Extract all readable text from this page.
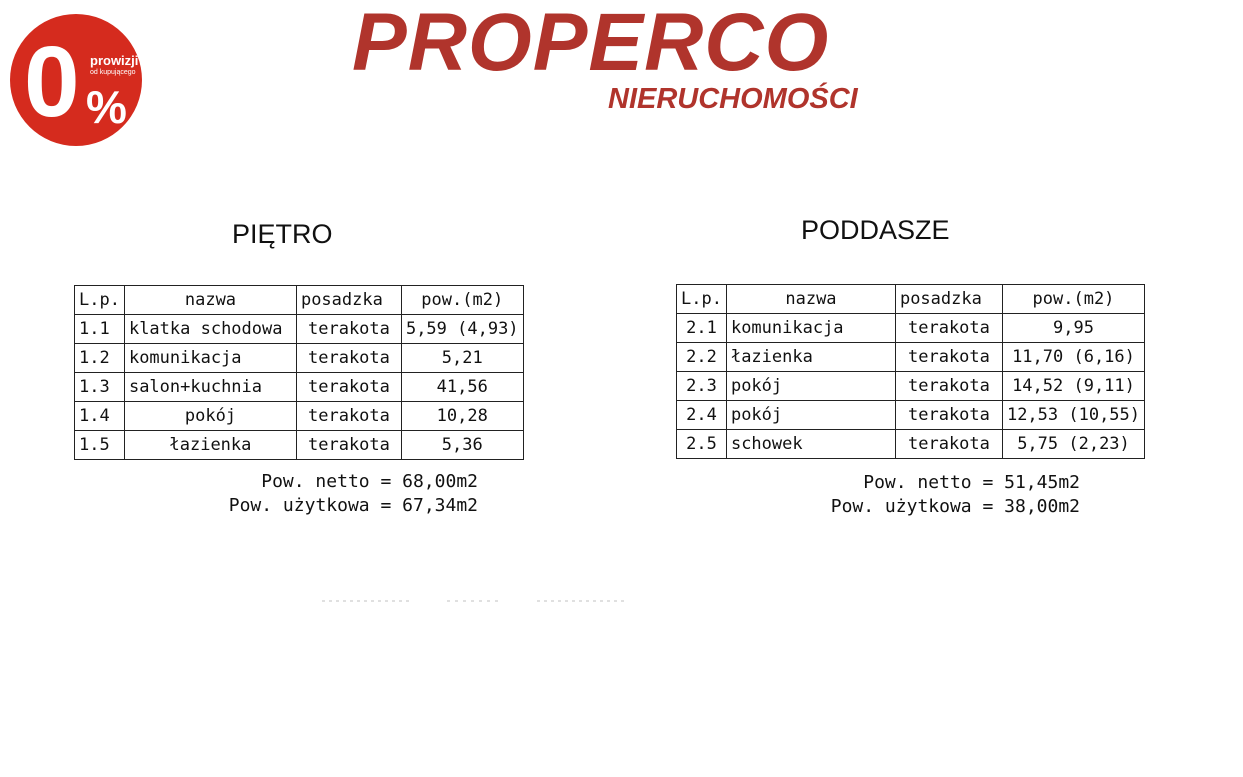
0 prowizji
od kupującego
%
PROPERCO
NIERUCHOMOŚCI
PIĘTRO	PODDASZE
L.p.	nazwa	posadzka	pow.(m2)
1.1	klatka schodowa	terakota	5,59 (4,93)
1.2	komunikacja	terakota	5,21
1.3	salon+kuchnia	terakota	41,56
1.4	pokój	terakota	10,28
1.5	łazienka	terakota	5,36
Pow. netto = 68,00m2
Pow. użytkowa = 67,34m2
L.p.	nazwa	posadzka	pow.(m2)
2.1	komunikacja	terakota	9,95
2.2	łazienka	terakota	11,70 (6,16)
2.3	pokój	terakota	14,52 (9,11)
2.4	pokój	terakota	12,53 (10,55)
2.5	schowek	terakota	5,75 (2,23)
Pow. netto = 51,45m2
Pow. użytkowa = 38,00m2
